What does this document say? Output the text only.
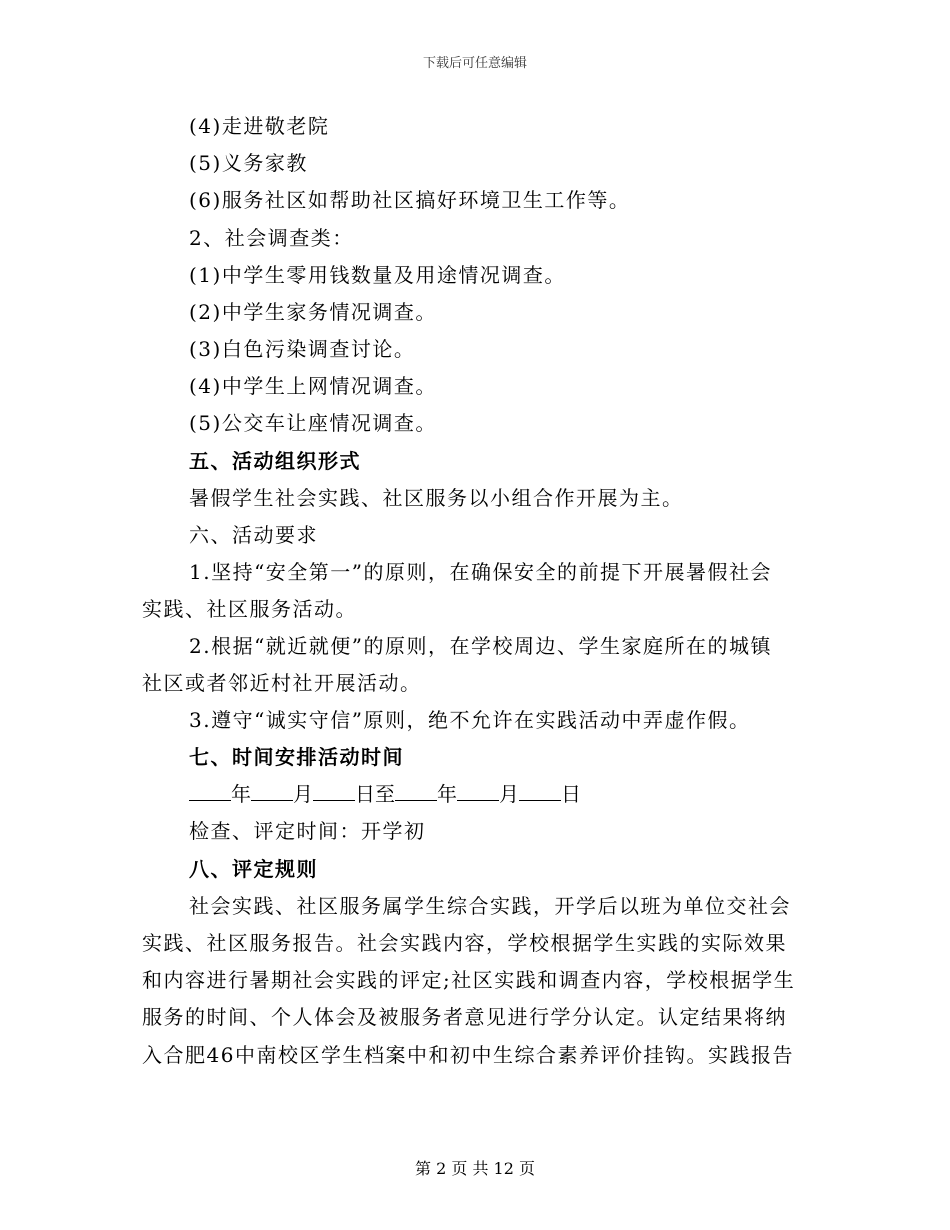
下载后可任意编辑
(4)走进敬老院
(5)义务家教
(6)服务社区如帮助社区搞好环境卫生工作等。
2、社会调查类：
(1)中学生零用钱数量及用途情况调查。
(2)中学生家务情况调查。
(3)白色污染调查讨论。
(4)中学生上网情况调查。
(5)公交车让座情况调查。
五、活动组织形式
暑假学生社会实践、社区服务以小组合作开展为主。
六、活动要求
1.坚持“安全第一”的原则，在确保安全的前提下开展暑假社会
实践、社区服务活动。
2.根据“就近就便”的原则，在学校周边、学生家庭所在的城镇
社区或者邻近村社开展活动。
3.遵守“诚实守信”原则，绝不允许在实践活动中弄虚作假。
七、时间安排活动时间
年 月 日至 年 月 日
检查、评定时间：开学初
八、评定规则
社会实践、社区服务属学生综合实践，开学后以班为单位交社会
实践、社区服务报告。社会实践内容，学校根据学生实践的实际效果
和内容进行暑期社会实践的评定;社区实践和调查内容，学校根据学生
服务的时间、个人体会及被服务者意见进行学分认定。认定结果将纳
入合肥46中南校区学生档案中和初中生综合素养评价挂钩。实践报告
第 2 页 共 12 页
